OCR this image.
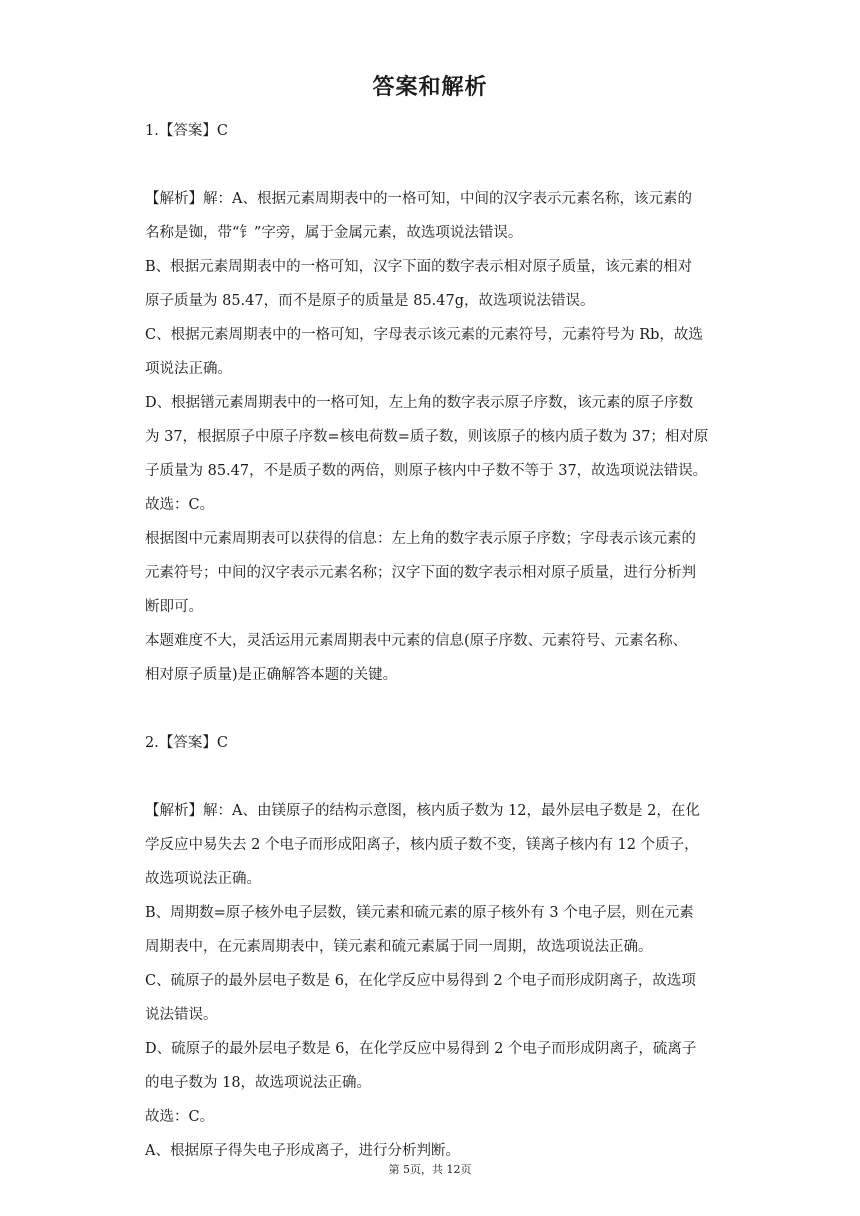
答案和解析
1.【答案】C
【解析】解：A、根据元素周期表中的一格可知，中间的汉字表示元素名称，该元素的
名称是铷，带“钅”字旁，属于金属元素，故选项说法错误。
B、根据元素周期表中的一格可知，汉字下面的数字表示相对原子质量，该元素的相对
原子质量为 85.47，而不是原子的质量是 85.47g，故选项说法错误。
C、根据元素周期表中的一格可知，字母表示该元素的元素符号，元素符号为 Rb，故选
项说法正确。
D、根据镨元素周期表中的一格可知，左上角的数字表示原子序数，该元素的原子序数
为 37，根据原子中原子序数=核电荷数=质子数，则该原子的核内质子数为 37；相对原
子质量为 85.47，不是质子数的两倍，则原子核内中子数不等于 37，故选项说法错误。
故选：C。
根据图中元素周期表可以获得的信息：左上角的数字表示原子序数；字母表示该元素的
元素符号；中间的汉字表示元素名称；汉字下面的数字表示相对原子质量，进行分析判
断即可。
本题难度不大，灵活运用元素周期表中元素的信息(原子序数、元素符号、元素名称、
相对原子质量)是正确解答本题的关键。
2.【答案】C
【解析】解：A、由镁原子的结构示意图，核内质子数为 12，最外层电子数是 2，在化
学反应中易失去 2 个电子而形成阳离子，核内质子数不变，镁离子核内有 12 个质子，
故选项说法正确。
B、周期数=原子核外电子层数，镁元素和硫元素的原子核外有 3 个电子层，则在元素
周期表中，在元素周期表中，镁元素和硫元素属于同一周期，故选项说法正确。
C、硫原子的最外层电子数是 6，在化学反应中易得到 2 个电子而形成阴离子，故选项
说法错误。
D、硫原子的最外层电子数是 6，在化学反应中易得到 2 个电子而形成阴离子，硫离子
的电子数为 18，故选项说法正确。
故选：C。
A、根据原子得失电子形成离子，进行分析判断。
第 5页，共 12页
